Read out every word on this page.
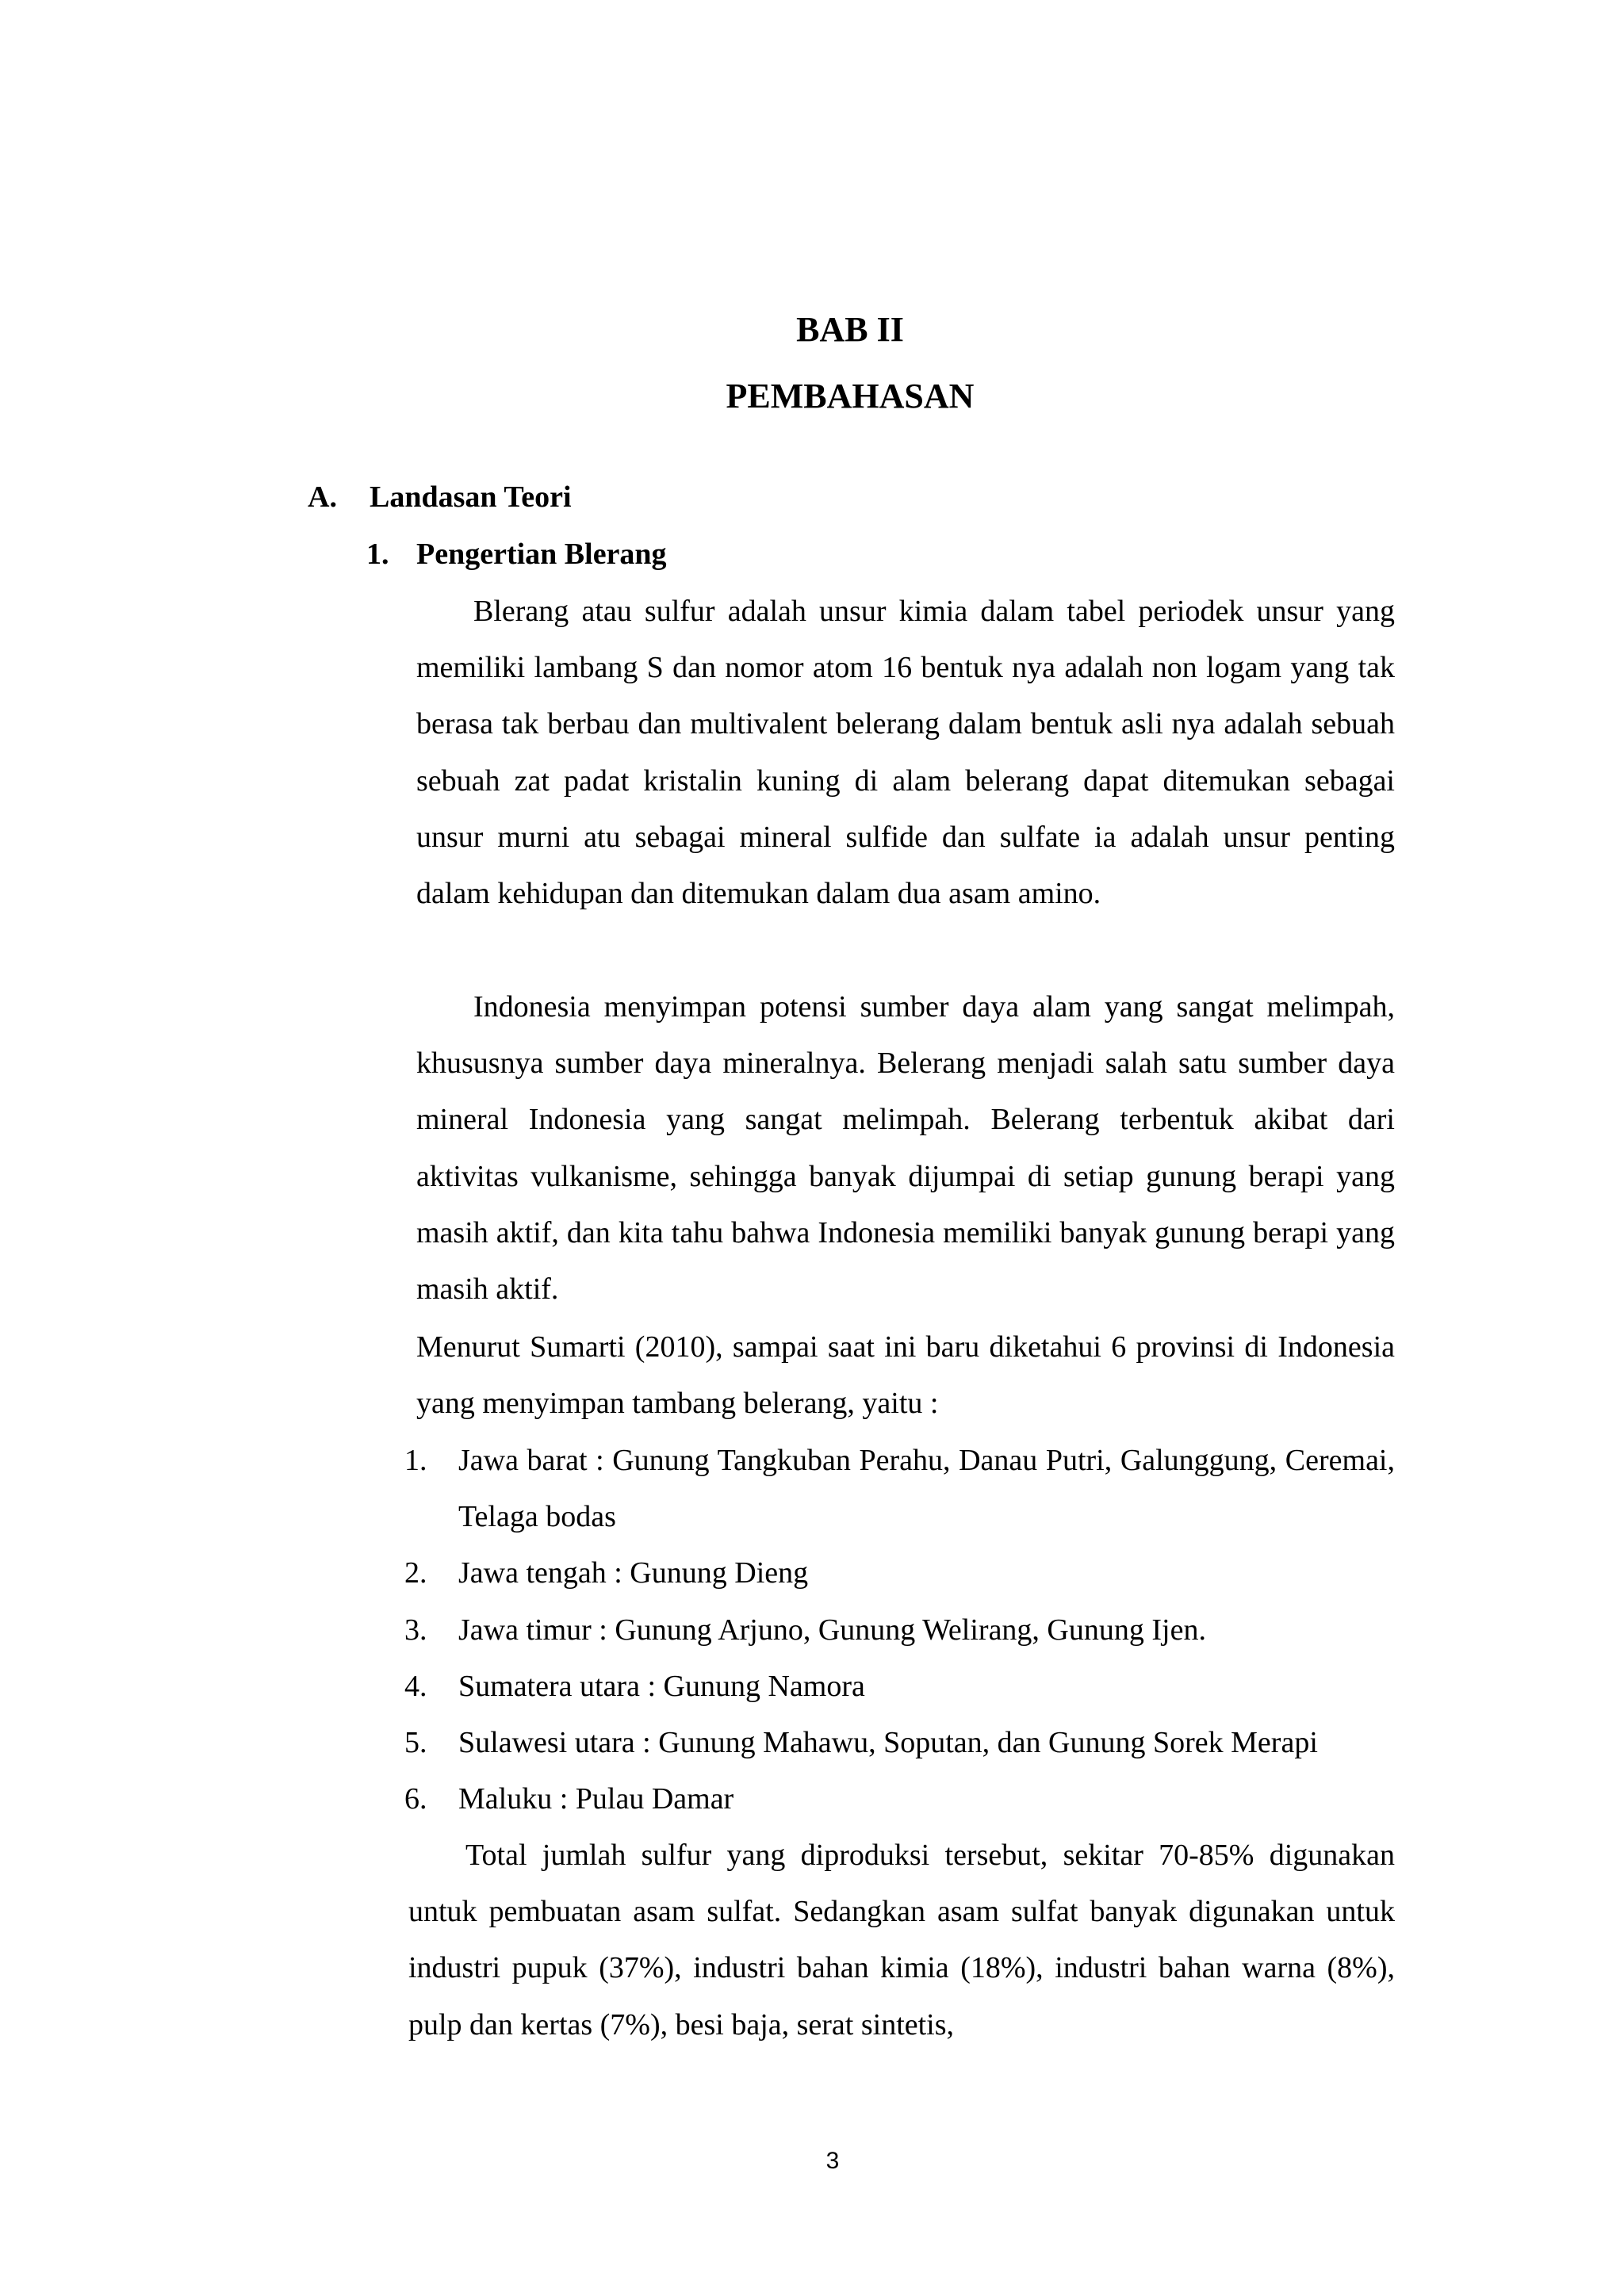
BAB II
PEMBAHASAN
A. Landasan Teori
1. Pengertian Blerang

Blerang atau sulfur adalah unsur kimia dalam tabel periodek unsur yang memiliki lambang S dan nomor atom 16 bentuk nya adalah non logam yang tak berasa tak berbau dan multivalent belerang dalam bentuk asli nya adalah sebuah sebuah zat padat kristalin kuning di alam belerang dapat ditemukan sebagai unsur murni atu sebagai mineral sulfide dan sulfate ia adalah unsur penting dalam kehidupan dan ditemukan dalam dua asam amino.

Indonesia menyimpan potensi sumber daya alam yang sangat melimpah, khususnya sumber daya mineralnya. Belerang menjadi salah satu sumber daya mineral Indonesia yang sangat melimpah. Belerang terbentuk akibat dari aktivitas vulkanisme, sehingga banyak dijumpai di setiap gunung berapi yang masih aktif, dan kita tahu bahwa Indonesia memiliki banyak gunung berapi yang masih aktif.

Menurut Sumarti (2010), sampai saat ini baru diketahui 6 provinsi di Indonesia yang menyimpan tambang belerang, yaitu :

1. Jawa barat : Gunung Tangkuban Perahu, Danau Putri, Galunggung, Ceremai, Telaga bodas
2. Jawa tengah : Gunung Dieng
3. Jawa timur : Gunung Arjuno, Gunung Welirang, Gunung Ijen.
4. Sumatera utara : Gunung Namora
5. Sulawesi utara : Gunung Mahawu, Soputan, dan Gunung Sorek Merapi
6. Maluku : Pulau Damar

Total jumlah sulfur yang diproduksi tersebut, sekitar 70-85% digunakan untuk pembuatan asam sulfat. Sedangkan asam sulfat banyak digunakan untuk industri pupuk (37%), industri bahan kimia (18%), industri bahan warna (8%), pulp dan kertas (7%), besi baja, serat sintetis,

3
